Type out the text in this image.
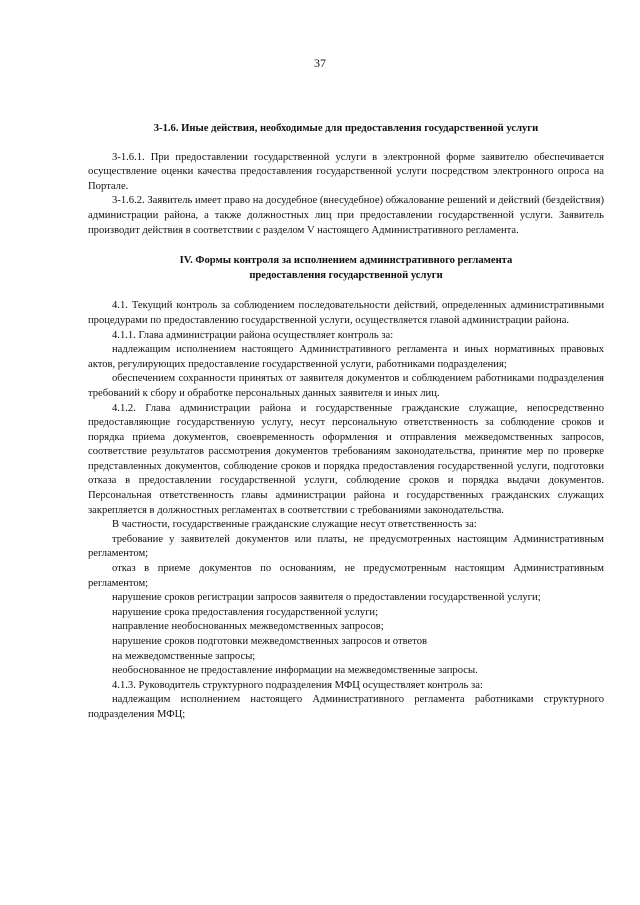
37
3-1.6. Иные действия, необходимые для предоставления государственной услуги

3-1.6.1. При предоставлении государственной услуги в электронной форме заявителю обеспечивается осуществление оценки качества предоставления государственной услуги посредством электронного опроса на Портале.

3-1.6.2. Заявитель имеет право на досудебное (внесудебное) обжалование решений и действий (бездействия) администрации района, а также должностных лиц при предоставлении государственной услуги. Заявитель производит действия в соответствии с разделом V настоящего Административного регламента.

IV. Формы контроля за исполнением административного регламента
предоставления государственной услуги

4.1. Текущий контроль за соблюдением последовательности действий, определенных административными процедурами по предоставлению государственной услуги, осуществляется главой администрации района.

4.1.1. Глава администрации района осуществляет контроль за:

надлежащим исполнением настоящего Административного регламента и иных нормативных правовых актов, регулирующих предоставление государственной услуги, работниками подразделения;

обеспечением сохранности принятых от заявителя документов и соблюдением работниками подразделения требований к сбору и обработке персональных данных заявителя и иных лиц.

4.1.2. Глава администрации района и государственные гражданские служащие, непосредственно предоставляющие государственную услугу, несут персональную ответственность за соблюдение сроков и порядка приема документов, своевременность оформления и отправления межведомственных запросов, соответствие результатов рассмотрения документов требованиям законодательства, принятие мер по проверке представленных документов, соблюдение сроков и порядка предоставления государственной услуги, подготовки отказа в предоставлении государственной услуги, соблюдение сроков и порядка выдачи документов. Персональная ответственность главы администрации района и государственных гражданских служащих закрепляется в должностных регламентах в соответствии с требованиями законодательства.

В частности, государственные гражданские служащие несут ответственность за:

требование у заявителей документов или платы, не предусмотренных настоящим Административным регламентом;

отказ в приеме документов по основаниям, не предусмотренным настоящим Административным регламентом;

нарушение сроков регистрации запросов заявителя о предоставлении государственной услуги;

нарушение срока предоставления государственной услуги;

направление необоснованных межведомственных запросов;

нарушение сроков подготовки межведомственных запросов и ответов

на межведомственные запросы;

необоснованное не предоставление информации на межведомственные запросы.

4.1.3. Руководитель структурного подразделения МФЦ осуществляет контроль за:

надлежащим исполнением настоящего Административного регламента работниками структурного подразделения МФЦ;
